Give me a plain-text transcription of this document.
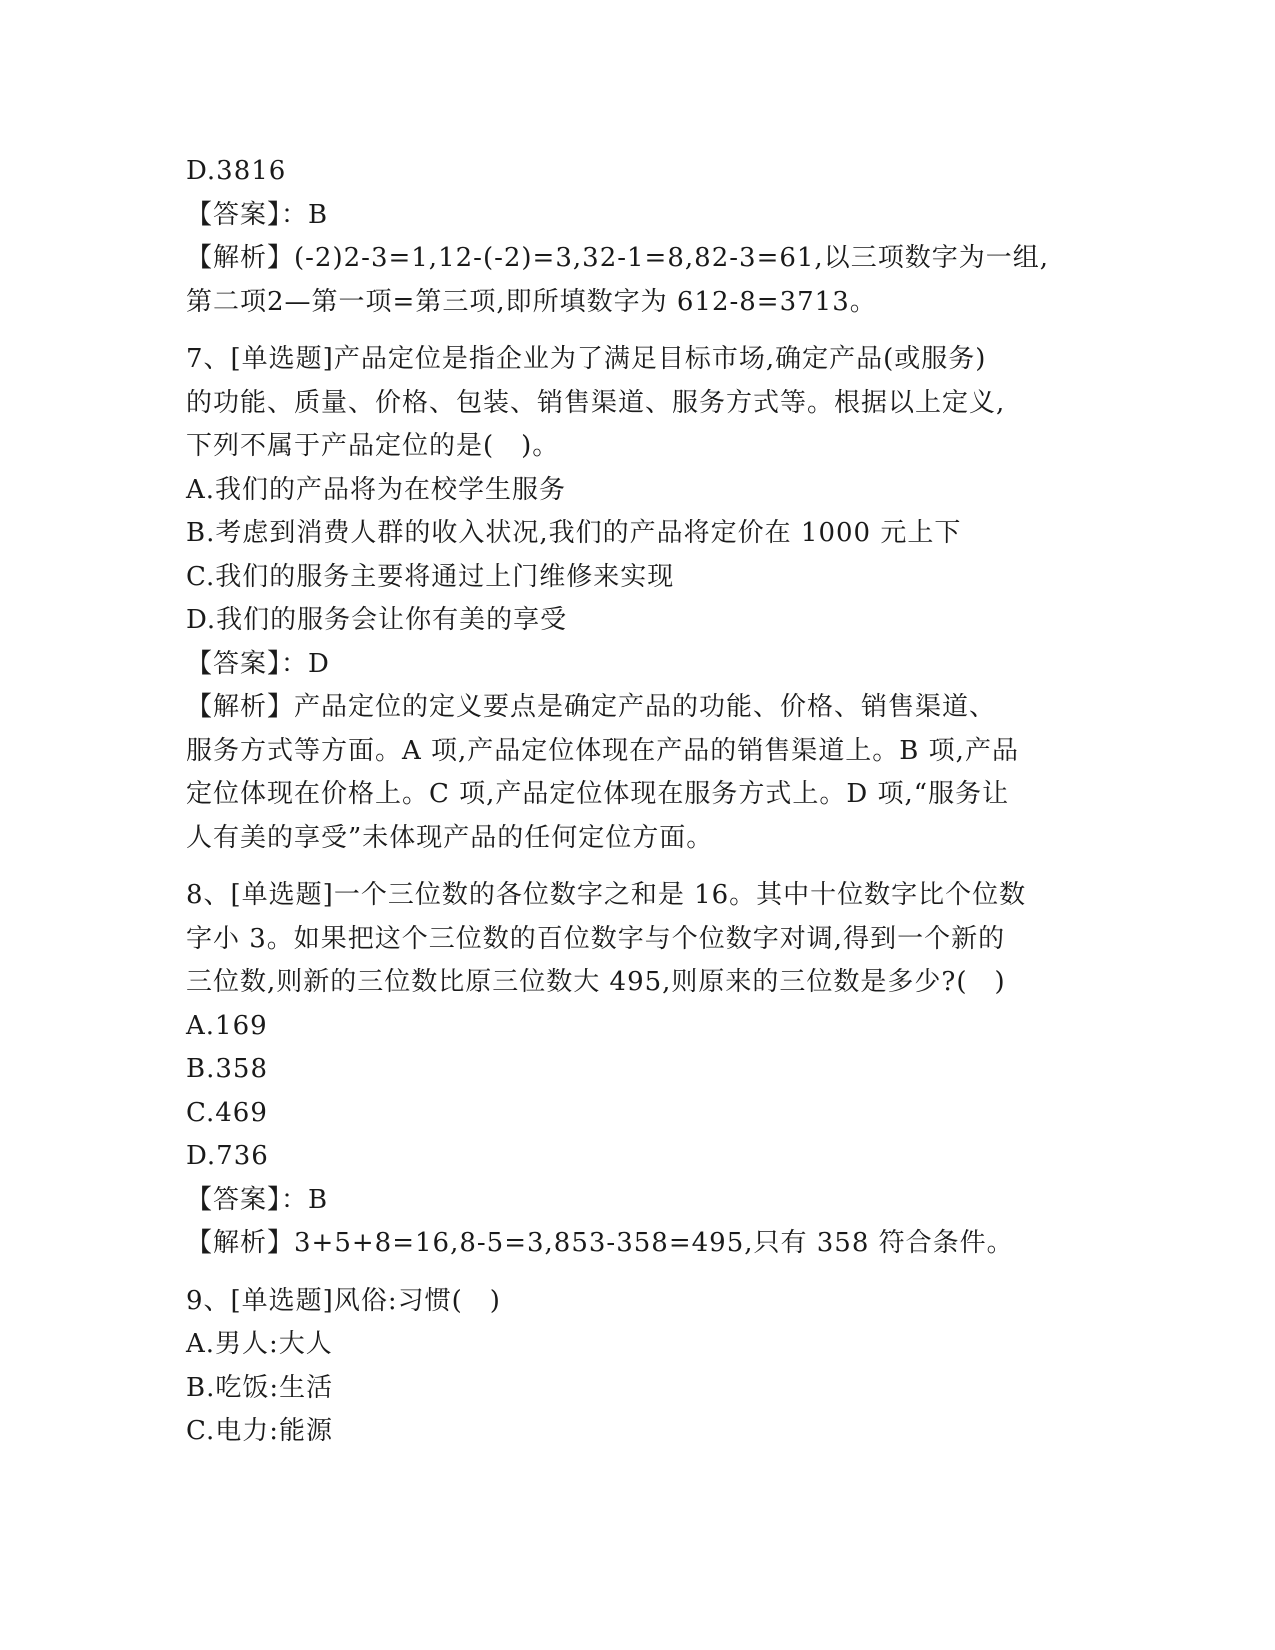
D.3816

【答案】：B

【解析】(-2)2-3=1,12-(-2)=3,32-1=8,82-3=61,以三项数字为一组,

第二项2—第一项=第三项,即所填数字为 612-8=3713。

7、[单选题]产品定位是指企业为了满足目标市场,确定产品(或服务)

的功能、质量、价格、包装、销售渠道、服务方式等。根据以上定义,

下列不属于产品定位的是(　)。

A.我们的产品将为在校学生服务

B.考虑到消费人群的收入状况,我们的产品将定价在 1000 元上下

C.我们的服务主要将通过上门维修来实现

D.我们的服务会让你有美的享受

【答案】：D

【解析】产品定位的定义要点是确定产品的功能、价格、销售渠道、

服务方式等方面。A 项,产品定位体现在产品的销售渠道上。B 项,产品

定位体现在价格上。C 项,产品定位体现在服务方式上。D 项,“服务让

人有美的享受”未体现产品的任何定位方面。

8、[单选题]一个三位数的各位数字之和是 16。其中十位数字比个位数

字小 3。如果把这个三位数的百位数字与个位数字对调,得到一个新的

三位数,则新的三位数比原三位数大 495,则原来的三位数是多少?(　)

A.169

B.358

C.469

D.736

【答案】：B

【解析】3+5+8=16,8-5=3,853-358=495,只有 358 符合条件。

9、[单选题]风俗:习惯(　)

A.男人:大人

B.吃饭:生活

C.电力:能源
